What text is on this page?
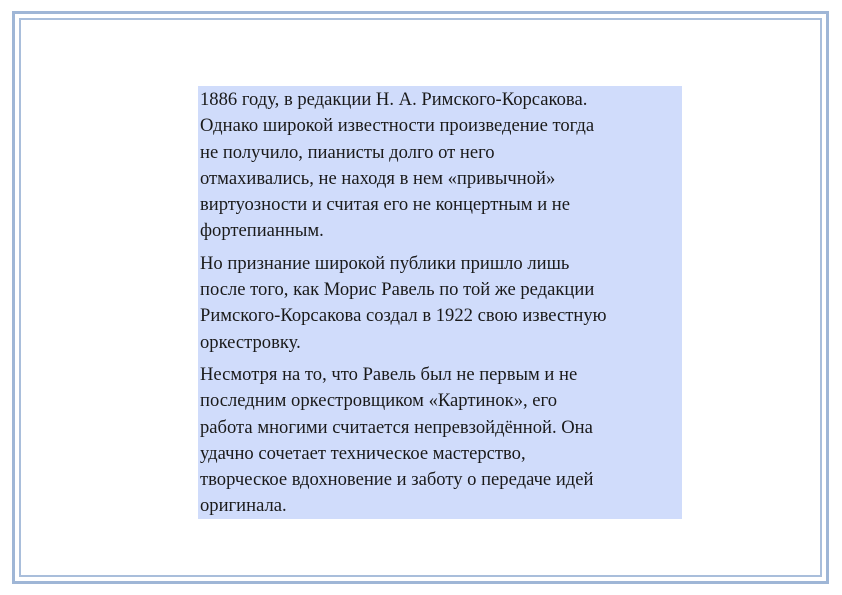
1886 году, в редакции Н. А. Римского-Корсакова.
Однако широкой известности произведение тогда
не получило, пианисты долго от него
отмахивались, не находя в нем «привычной»
виртуозности и считая его не концертным и не
фортепианным.

Но признание широкой публики пришло лишь
после того, как Морис Равель по той же редакции
Римского-Корсакова создал в 1922 свою известную
оркестровку.

Несмотря на то, что Равель был не первым и не
последним оркестровщиком «Картинок», его
работа многими считается непревзойдённой. Она
удачно сочетает техническое мастерство,
творческое вдохновение и заботу о передаче идей
оригинала.
